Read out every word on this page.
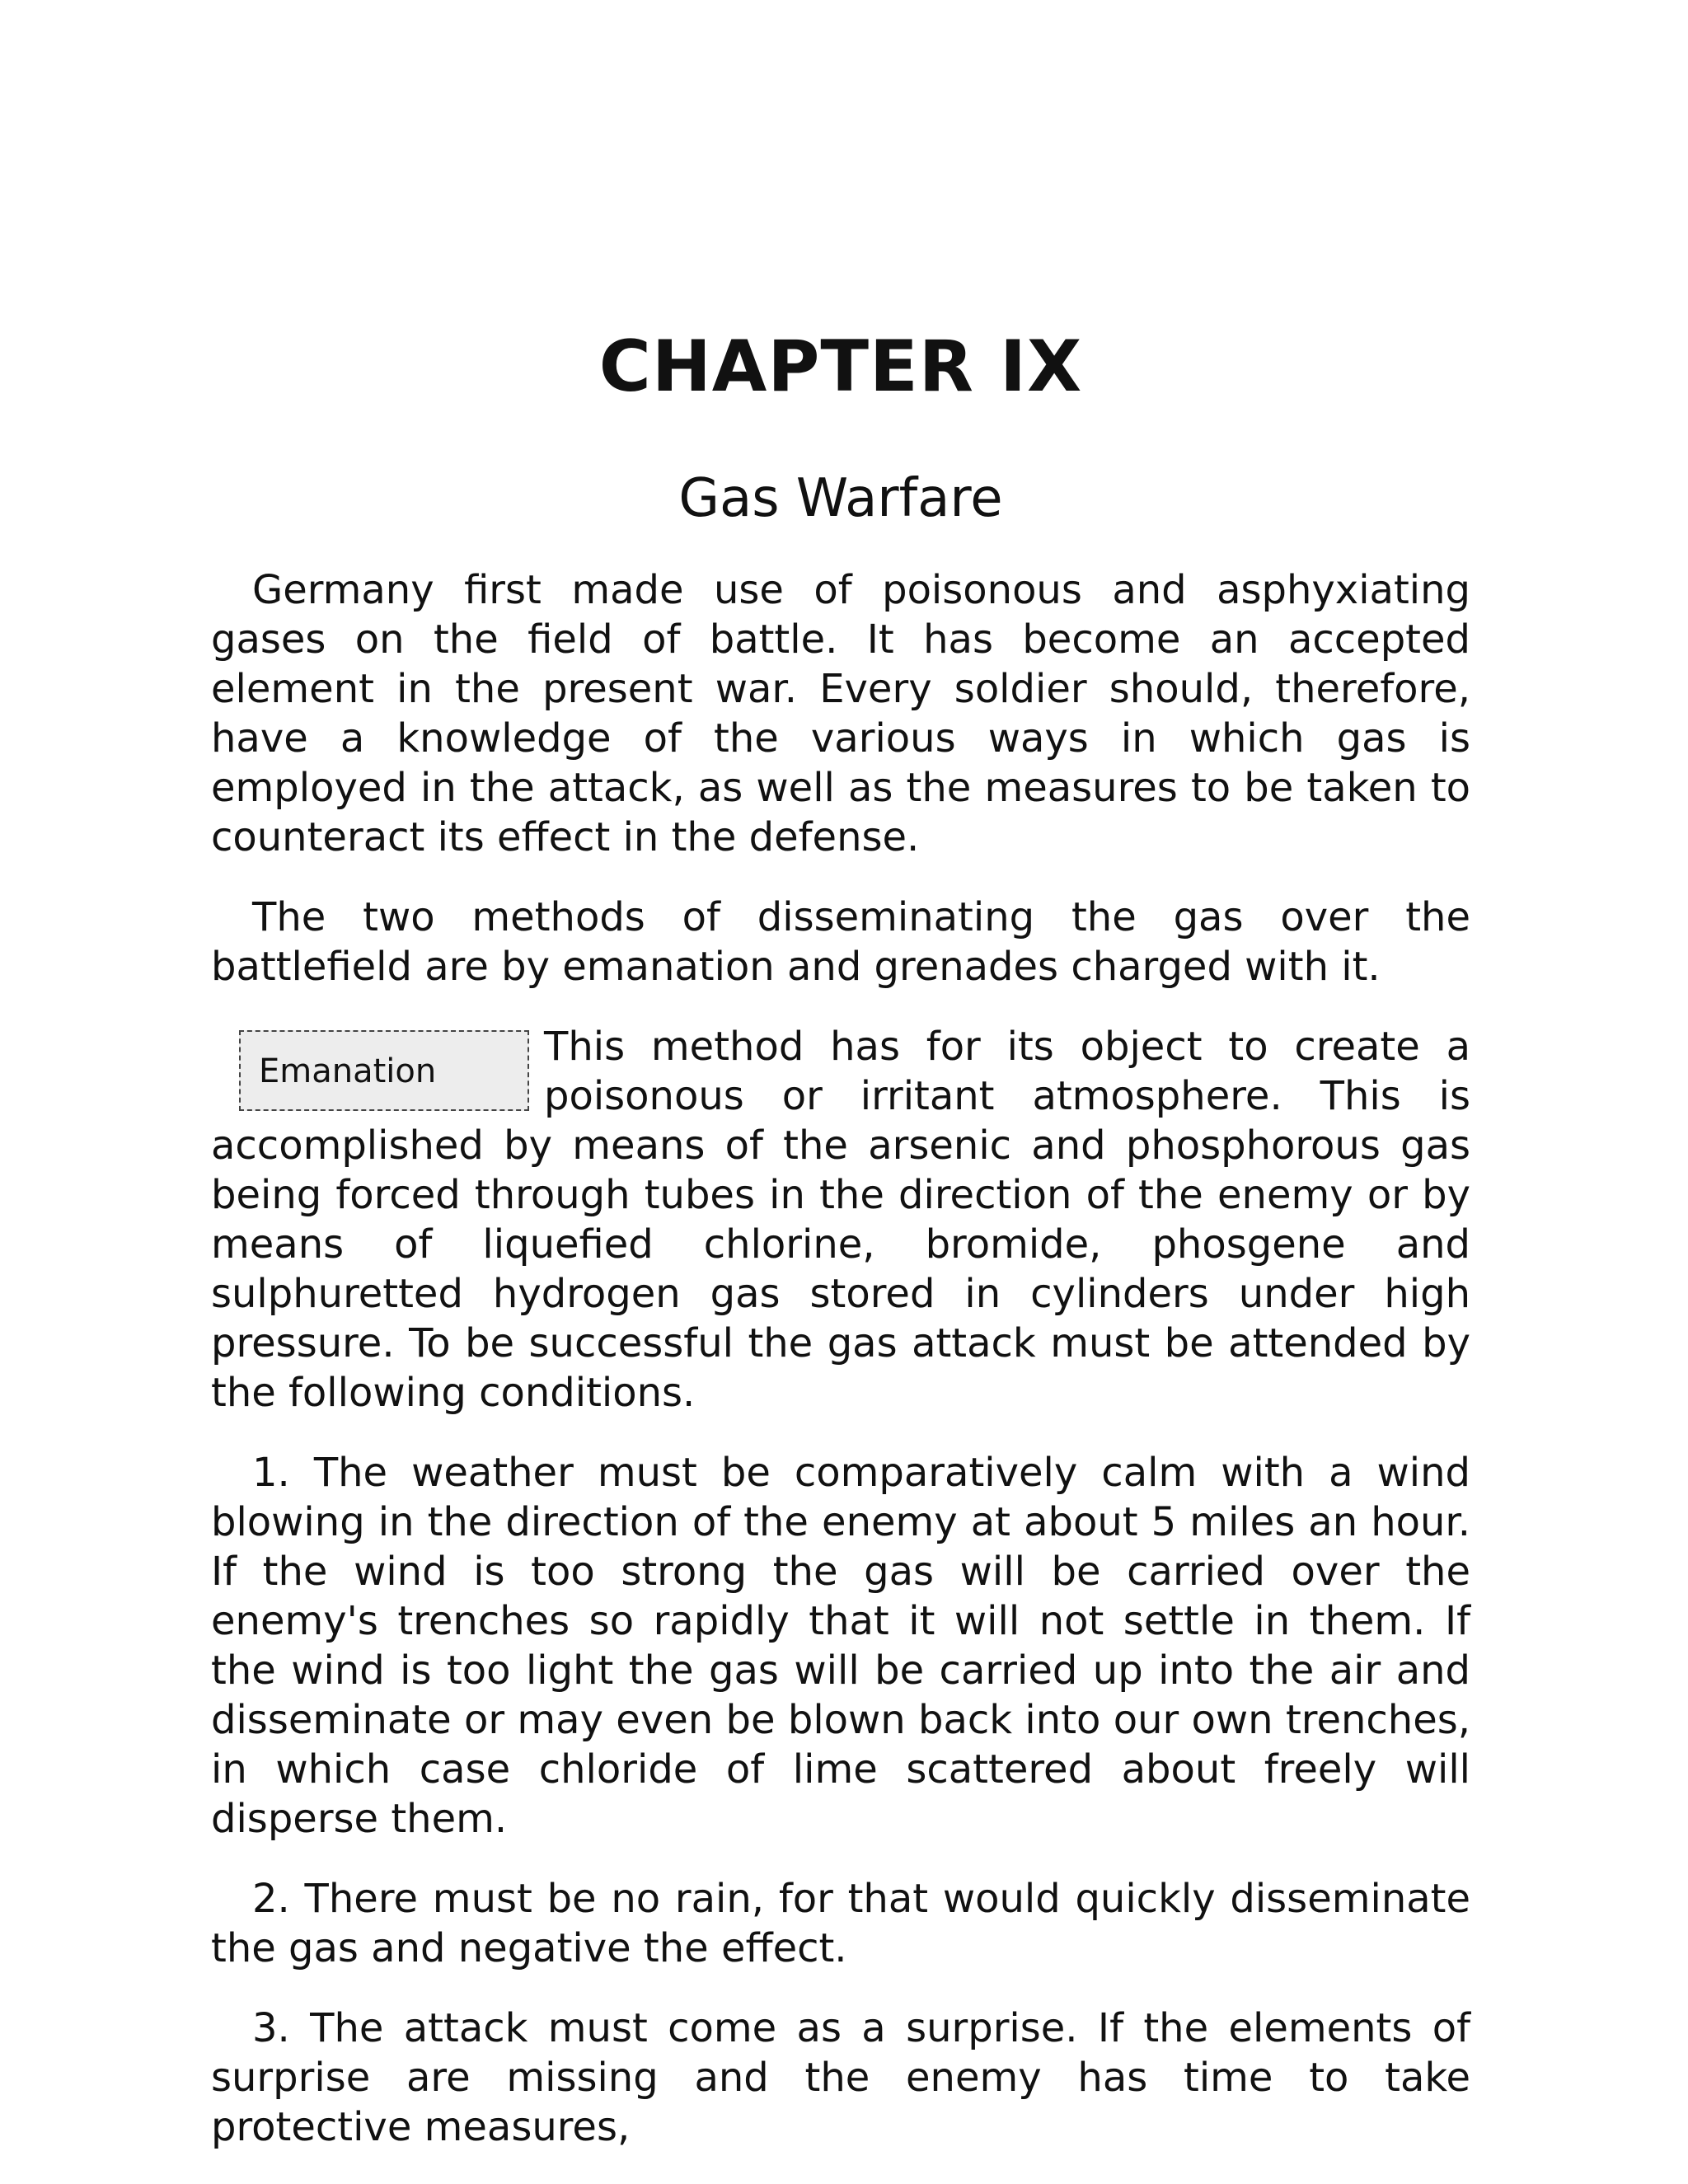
CHAPTER IX
Gas Warfare

Germany first made use of poisonous and asphyxiating gases on the field of battle. It has become an accepted element in the present war. Every soldier should, therefore, have a knowledge of the various ways in which gas is employed in the attack, as well as the measures to be taken to counteract its effect in the defense.

The two methods of disseminating the gas over the battlefield are by emanation and grenades charged with it.

Emanation

This method has for its object to create a poisonous or irritant atmosphere. This is accomplished by means of the arsenic and phosphorous gas being forced through tubes in the direction of the enemy or by means of liquefied chlorine, bromide, phosgene and sulphuretted hydrogen gas stored in cylinders under high pressure. To be successful the gas attack must be attended by the following conditions.

1. The weather must be comparatively calm with a wind blowing in the direction of the enemy at about 5 miles an hour. If the wind is too strong the gas will be carried over the enemy's trenches so rapidly that it will not settle in them. If the wind is too light the gas will be carried up into the air and disseminate or may even be blown back into our own trenches, in which case chloride of lime scattered about freely will disperse them.

2. There must be no rain, for that would quickly disseminate the gas and negative the effect.

3. The attack must come as a surprise. If the elements of surprise are missing and the enemy has time to take protective measures,
